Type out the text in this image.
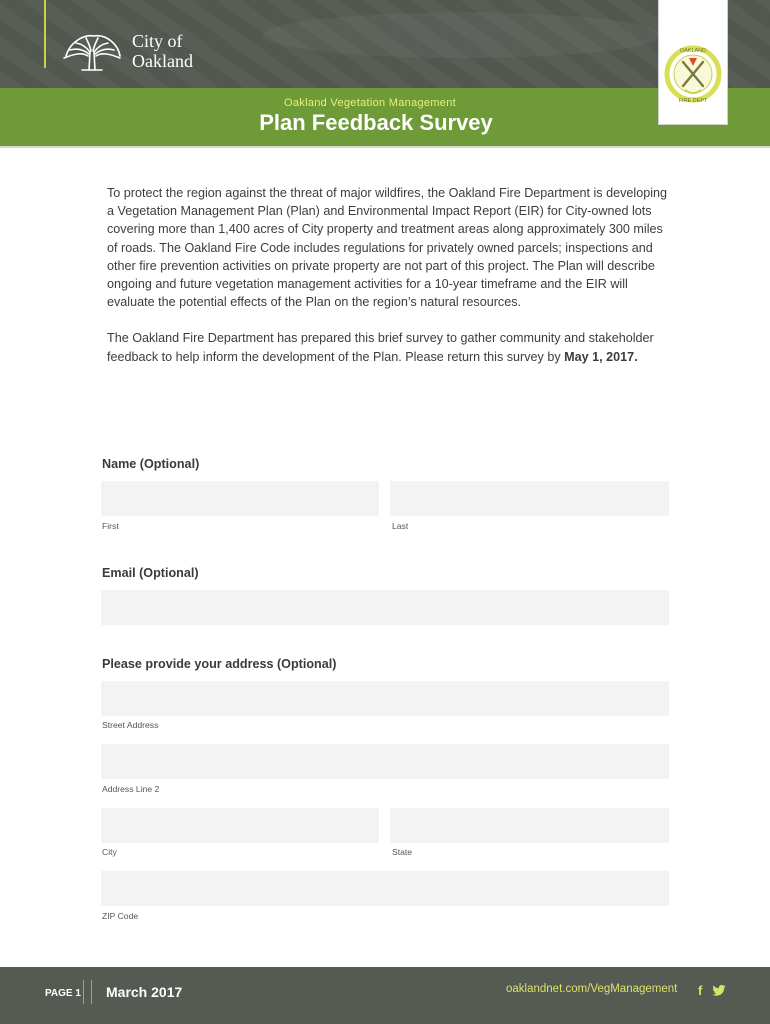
City of
Oakland
Oakland Vegetation Management
Plan Feedback Survey
OAKLAND
FIRE DEPT

To protect the region against the threat of major wildfires, the Oakland Fire Department is developing a Vegetation Management Plan (Plan) and Environmental Impact Report (EIR) for City-owned lots covering more than 1,400 acres of City property and treatment areas along approximately 300 miles of roads. The Oakland Fire Code includes regulations for privately owned parcels; inspections and other fire prevention activities on private property are not part of this project. The Plan will describe ongoing and future vegetation management activities for a 10-year timeframe and the EIR will evaluate the potential effects of the Plan on the region’s natural resources.

The Oakland Fire Department has prepared this brief survey to gather community and stakeholder feedback to help inform the development of the Plan. Please return this survey by May 1, 2017.

Name (Optional)
First	Last
Email (Optional)
Please provide your address (Optional)
Street Address
Address Line 2
City	State
ZIP Code
PAGE 1 March 2017	oaklandnet.com/VegManagement f
